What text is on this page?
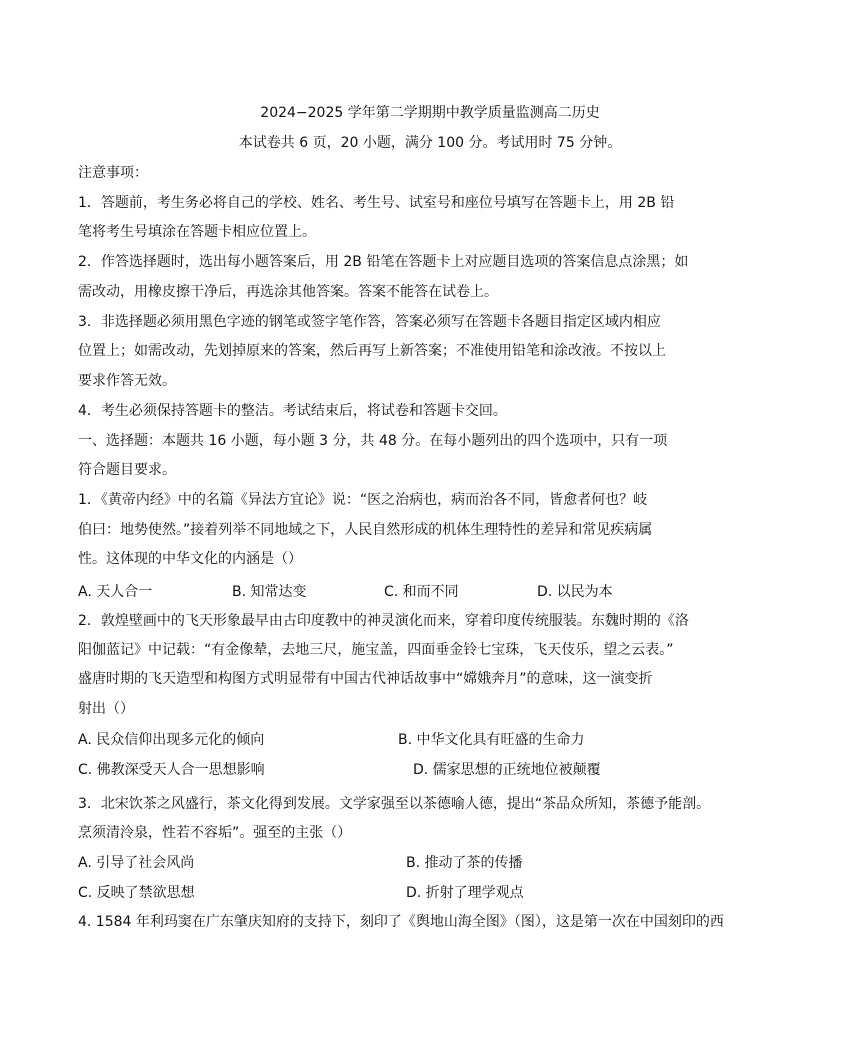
2024−2025 学年第二学期期中教学质量监测高二历史
本试卷共 6 页，20 小题，满分 100 分。考试用时 75 分钟。
注意事项：
1．答题前，考生务必将自己的学校、姓名、考生号、试室号和座位号填写在答题卡上，用 2B 铅
笔将考生号填涂在答题卡相应位置上。
2．作答选择题时，选出每小题答案后，用 2B 铅笔在答题卡上对应题目选项的答案信息点涂黑；如
需改动，用橡皮擦干净后，再选涂其他答案。答案不能答在试卷上。
3．非选择题必须用黑色字迹的钢笔或签字笔作答，答案必须写在答题卡各题目指定区域内相应
位置上；如需改动，先划掉原来的答案，然后再写上新答案；不准使用铅笔和涂改液。不按以上
要求作答无效。
4．考生必须保持答题卡的整洁。考试结束后，将试卷和答题卡交回。
一、选择题：本题共 16 小题，每小题 3 分，共 48 分。在每小题列出的四个选项中，只有一项
符合题目要求。
1．《黄帝内经》中的名篇《异法方宜论》说：“医之治病也，病而治各不同，皆愈者何也？岐
伯曰：地势使然。”接着列举不同地域之下，人民自然形成的机体生理特性的差异和常见疾病属
性。这体现的中华文化的内涵是（）
A. 天人合一	B. 知常达变	C. 和而不同	D. 以民为本
2．敦煌壁画中的飞天形象最早由古印度教中的神灵演化而来，穿着印度传统服装。东魏时期的《洛
阳伽蓝记》中记载：“有金像辇，去地三尺，施宝盖，四面垂金铃七宝珠，飞天伎乐，望之云表。”
盛唐时期的飞天造型和构图方式明显带有中国古代神话故事中“嫦娥奔月”的意味，这一演变折
射出（）
A. 民众信仰出现多元化的倾向	B. 中华文化具有旺盛的生命力
C. 佛教深受天人合一思想影响	D. 儒家思想的正统地位被颠覆
3．北宋饮茶之风盛行，茶文化得到发展。文学家强至以茶德喻人德，提出“茶品众所知，茶德予能剖。
烹须清泠泉，性若不容垢”。强至的主张（）
A. 引导了社会风尚	B. 推动了茶的传播
C. 反映了禁欲思想	D. 折射了理学观点
4. 1584 年利玛窦在广东肇庆知府的支持下，刻印了《舆地山海全图》（图），这是第一次在中国刻印的西
